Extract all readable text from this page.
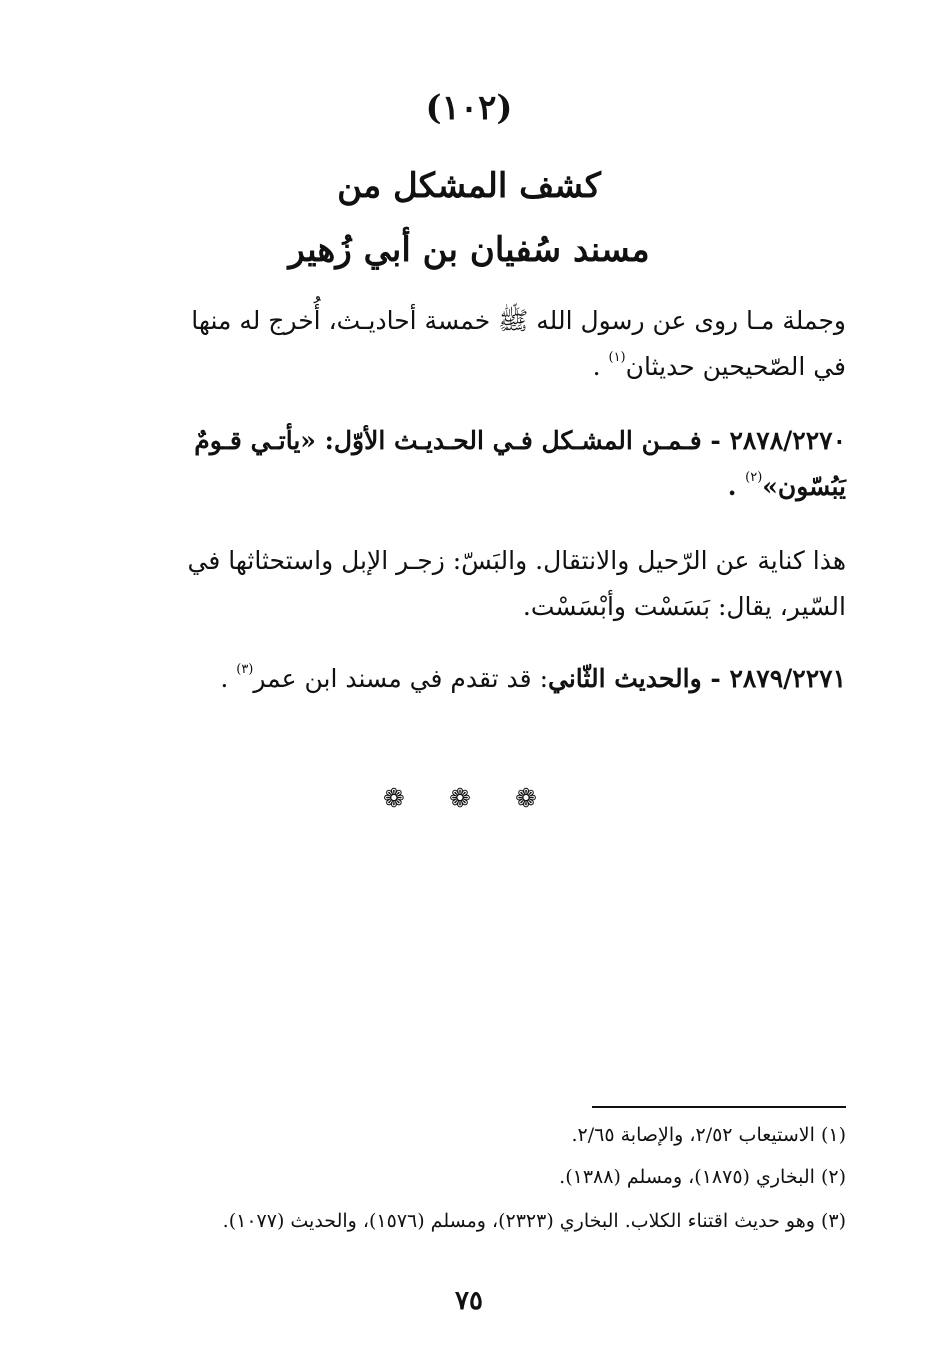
(١٠٢)
كشف المشكل من
مسند سُفيان بن أبي زُهير
وجملة مـا روى عن رسول الله ﷺ خمسة أحاديـث، أُخرج له منها
في الصّحيحين حديثان$^{(١)}$ .
٢٨٧٨/٢٢٧٠ - فـمـن المشـكل فـي الحـديـث الأوّل: «يأتـي قـومٌ
يَبُسّون»$^{(٢)}$ .
هذا كناية عن الرّحيل والانتقال. والبَسّ: زجـر الإبل واستحثاثها في
السّير، يقال: بَسَسْت وأبْسَسْت.
٢٨٧٩/٢٢٧١ - والحديث الثّاني: قد تقدم في مسند ابن عمر$^{(٣)}$ .
❁ ❁ ❁
(١) الاستيعاب ٢/٥٢، والإصابة ٢/٦٥.
(٢) البخاري (١٨٧٥)، ومسلم (١٣٨٨).
(٣) وهو حديث اقتناء الكلاب. البخاري (٢٣٢٣)، ومسلم (١٥٧٦)، والحديث (١٠٧٧).
٧٥
